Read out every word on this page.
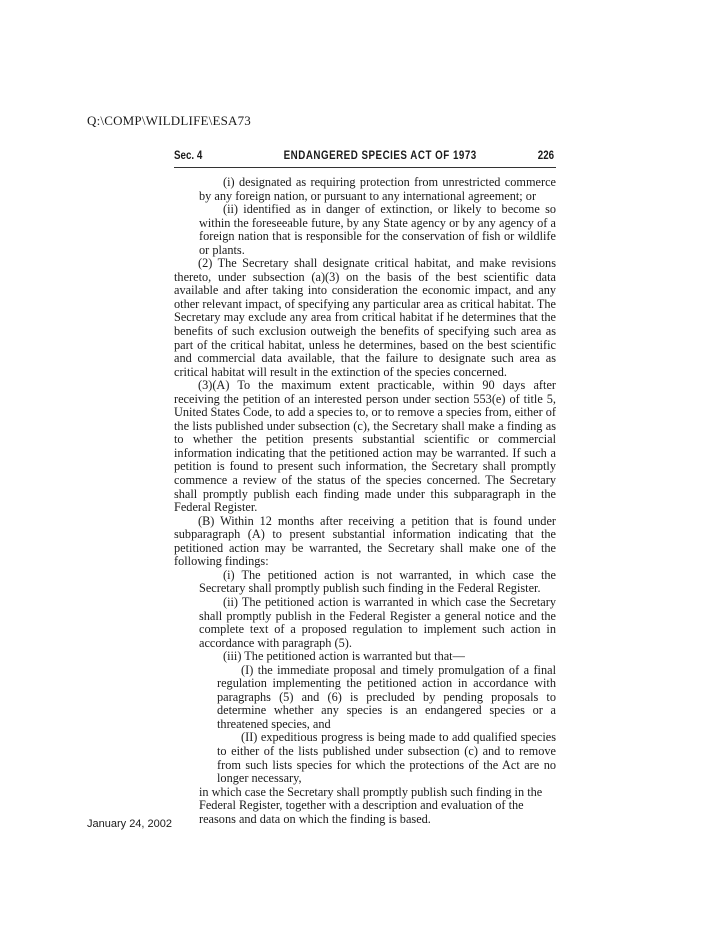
Q:\COMP\WILDLIFE\ESA73
Sec. 4	ENDANGERED SPECIES ACT OF 1973	226

(i) designated as requiring protection from unrestricted commerce by any foreign nation, or pursuant to any international agreement; or

(ii) identified as in danger of extinction, or likely to become so within the foreseeable future, by any State agency or by any agency of a foreign nation that is responsible for the conservation of fish or wildlife or plants.

(2) The Secretary shall designate critical habitat, and make revisions thereto, under subsection (a)(3) on the basis of the best scientific data available and after taking into consideration the economic impact, and any other relevant impact, of specifying any particular area as critical habitat. The Secretary may exclude any area from critical habitat if he determines that the benefits of such exclusion outweigh the benefits of specifying such area as part of the critical habitat, unless he determines, based on the best scientific and commercial data available, that the failure to designate such area as critical habitat will result in the extinction of the species concerned.

(3)(A) To the maximum extent practicable, within 90 days after receiving the petition of an interested person under section 553(e) of title 5, United States Code, to add a species to, or to remove a species from, either of the lists published under subsection (c), the Secretary shall make a finding as to whether the petition presents substantial scientific or commercial information indicating that the petitioned action may be warranted. If such a petition is found to present such information, the Secretary shall promptly commence a review of the status of the species concerned. The Secretary shall promptly publish each finding made under this subparagraph in the Federal Register.

(B) Within 12 months after receiving a petition that is found under subparagraph (A) to present substantial information indicating that the petitioned action may be warranted, the Secretary shall make one of the following findings:

(i) The petitioned action is not warranted, in which case the Secretary shall promptly publish such finding in the Federal Register.

(ii) The petitioned action is warranted in which case the Secretary shall promptly publish in the Federal Register a general notice and the complete text of a proposed regulation to implement such action in accordance with paragraph (5).

(iii) The petitioned action is warranted but that—

(I) the immediate proposal and timely promulgation of a final regulation implementing the petitioned action in accordance with paragraphs (5) and (6) is precluded by pending proposals to determine whether any species is an endangered species or a threatened species, and

(II) expeditious progress is being made to add qualified species to either of the lists published under subsection (c) and to remove from such lists species for which the protections of the Act are no longer necessary,

in which case the Secretary shall promptly publish such finding in the Federal Register, together with a description and evaluation of the reasons and data on which the finding is based.

January 24, 2002
